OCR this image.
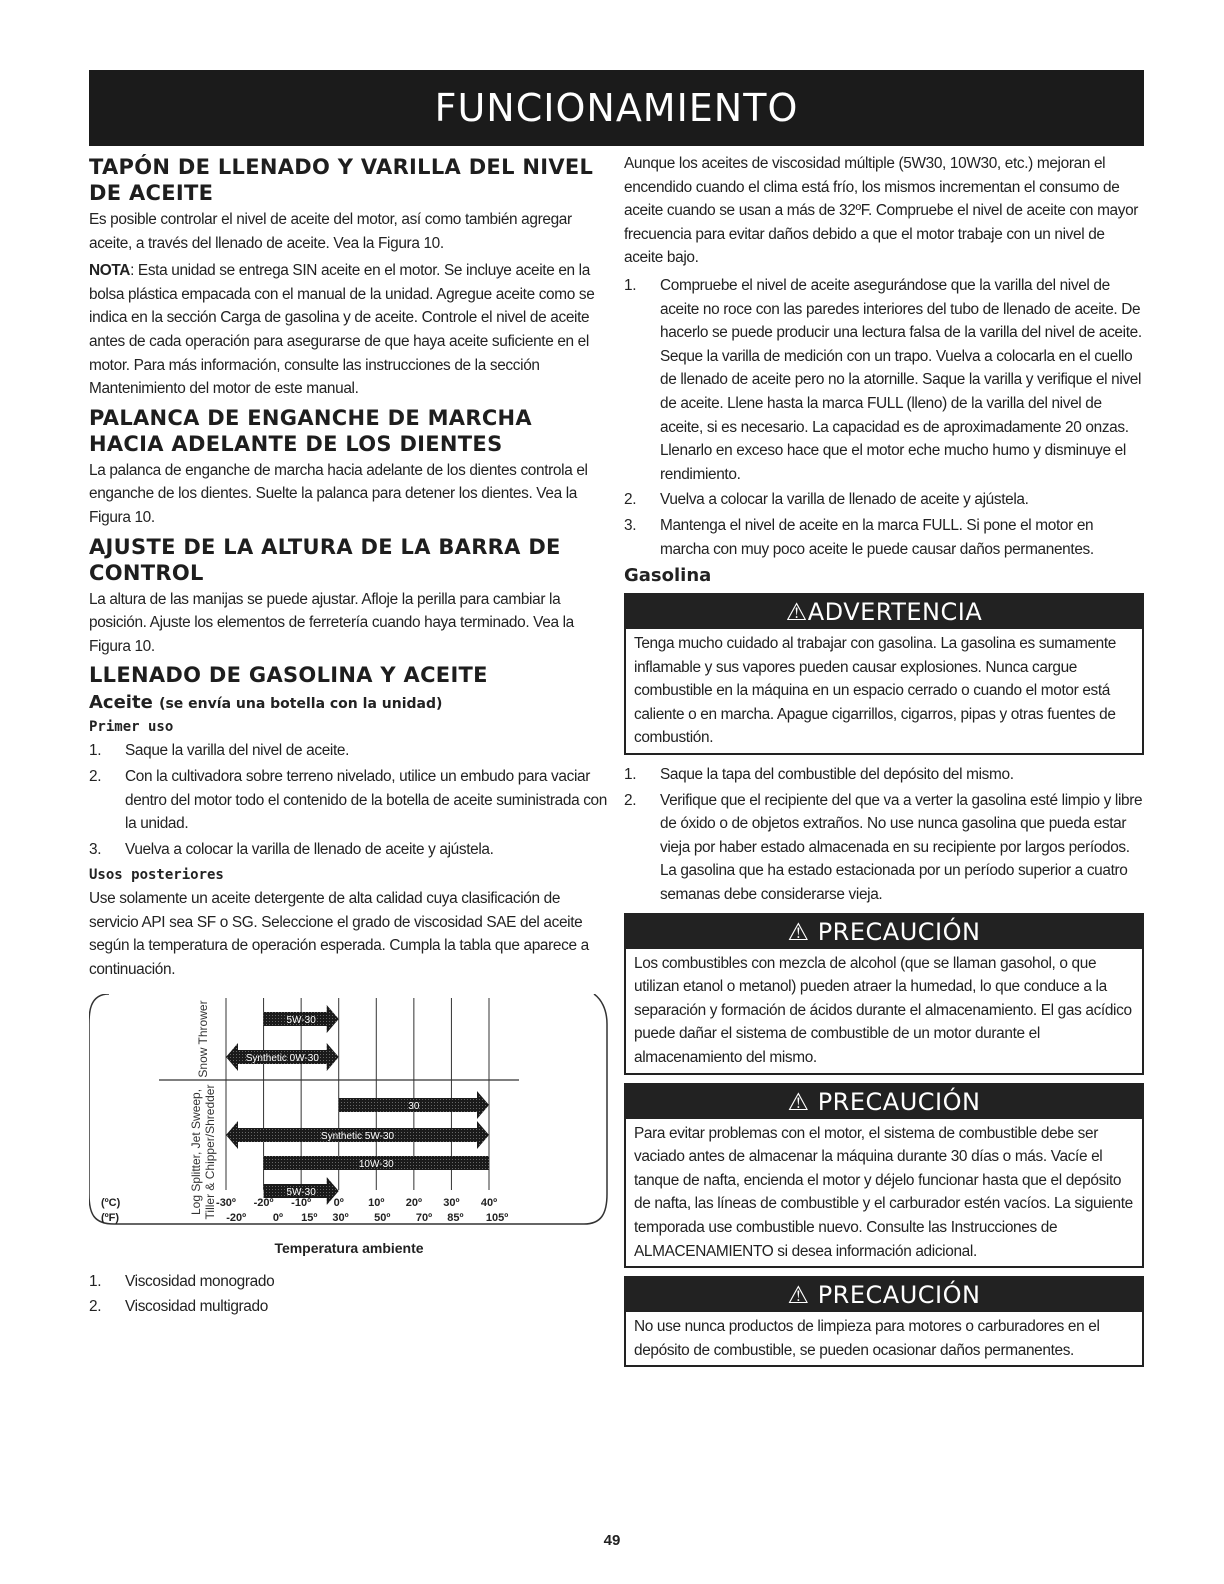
FUNCIONAMIENTO
TAPÓN DE LLENADO Y VARILLA DEL NIVEL DE ACEITE

Es posible controlar el nivel de aceite del motor, así como también agregar aceite, a través del llenado de aceite. Vea la Figura 10.

NOTA: Esta unidad se entrega SIN aceite en el motor. Se incluye aceite en la bolsa plástica empacada con el manual de la unidad. Agregue aceite como se indica en la sección Carga de gasolina y de aceite. Controle el nivel de aceite antes de cada operación para asegurarse de que haya aceite suficiente en el motor. Para más información, consulte las instrucciones de la sección Mantenimiento del motor de este manual.

PALANCA DE ENGANCHE DE MARCHA HACIA ADELANTE DE LOS DIENTES

La palanca de enganche de marcha hacia adelante de los dientes controla el enganche de los dientes. Suelte la palanca para detener los dientes. Vea la Figura 10.

AJUSTE DE LA ALTURA DE LA BARRA DE CONTROL

La altura de las manijas se puede ajustar. Afloje la perilla para cambiar la posición. Ajuste los elementos de ferretería cuando haya terminado. Vea la Figura 10.

LLENADO DE GASOLINA Y ACEITE
Aceite (se envía una botella con la unidad)
Primer uso
1. Saque la varilla del nivel de aceite.
2. Con la cultivadora sobre terreno nivelado, utilice un embudo para vaciar dentro del motor todo el contenido de la botella de aceite suministrada con la unidad.
3. Vuelva a colocar la varilla de llenado de aceite y ajústela.
Usos posteriores

Use solamente un aceite detergente de alta calidad cuya clasificación de servicio API sea SF o SG. Seleccione el grado de viscosidad SAE del aceite según la temperatura de operación esperada. Cumpla la tabla que aparece a continuación.

5W-30
Synthetic 0W-30
30
Synthetic 5W-30
10W-30
5W-30
(ºC)	-30º -20º -10º 0º 10º 20º 30º 40º
(ºF)	-20º 0º 15º 30º 50º 70º 85º 105º
Snow Thrower
Log Splitter, Jet Sweep, Tiller & Chipper/Shredder
Temperatura ambiente
1. Viscosidad monogrado
2. Viscosidad multigrado

Aunque los aceites de viscosidad múltiple (5W30, 10W30, etc.) mejoran el encendido cuando el clima está frío, los mismos incrementan el consumo de aceite cuando se usan a más de 32ºF. Compruebe el nivel de aceite con mayor frecuencia para evitar daños debido a que el motor trabaje con un nivel de aceite bajo.

1. Compruebe el nivel de aceite asegurándose que la varilla del nivel de aceite no roce con las paredes interiores del tubo de llenado de aceite. De hacerlo se puede producir una lectura falsa de la varilla del nivel de aceite. Seque la varilla de medición con un trapo. Vuelva a colocarla en el cuello de llenado de aceite pero no la atornille. Saque la varilla y verifique el nivel de aceite. Llene hasta la marca FULL (lleno) de la varilla del nivel de aceite, si es necesario. La capacidad es de aproximadamente 20 onzas. Llenarlo en exceso hace que el motor eche mucho humo y disminuye el rendimiento.
2. Vuelva a colocar la varilla de llenado de aceite y ajústela.
3. Mantenga el nivel de aceite en la marca FULL. Si pone el motor en marcha con muy poco aceite le puede causar daños permanentes.
Gasolina
⚠ADVERTENCIA
Tenga mucho cuidado al trabajar con gasolina. La gasolina es sumamente inflamable y sus vapores pueden causar explosiones. Nunca cargue combustible en la máquina en un espacio cerrado o cuando el motor está caliente o en marcha. Apague cigarrillos, cigarros, pipas y otras fuentes de combustión.
1. Saque la tapa del combustible del depósito del mismo.
2. Verifique que el recipiente del que va a verter la gasolina esté limpio y libre de óxido o de objetos extraños. No use nunca gasolina que pueda estar vieja por haber estado almacenada en su recipiente por largos períodos. La gasolina que ha estado estacionada por un período superior a cuatro semanas debe considerarse vieja.
⚠ PRECAUCIÓN
Los combustibles con mezcla de alcohol (que se llaman gasohol, o que utilizan etanol o metanol) pueden atraer la humedad, lo que conduce a la separación y formación de ácidos durante el almacenamiento. El gas acídico puede dañar el sistema de combustible de un motor durante el almacenamiento del mismo.
⚠ PRECAUCIÓN
Para evitar problemas con el motor, el sistema de combustible debe ser vaciado antes de almacenar la máquina durante 30 días o más. Vacíe el tanque de nafta, encienda el motor y déjelo funcionar hasta que el depósito de nafta, las líneas de combustible y el carburador estén vacíos. La siguiente temporada use combustible nuevo. Consulte las Instrucciones de ALMACENAMIENTO si desea información adicional.
⚠ PRECAUCIÓN
No use nunca productos de limpieza para motores o carburadores en el depósito de combustible, se pueden ocasionar daños permanentes.
49
